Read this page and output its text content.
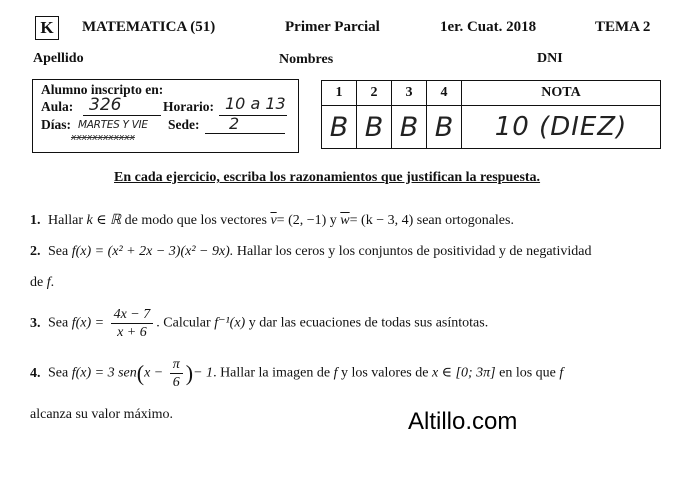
K	MATEMATICA (51)	Primer Parcial	1er. Cuat. 2018	TEMA 2
Apellido	Nombres	DNI
Alumno inscripto en:
Aula: 326	Horario: 10 a 13
Días: MARTES Y VIE
xxxxxxxxxxxx
Sede: 2
1	2	3	4	NOTA
B	B	B	B	10 (DIEZ)
En cada ejercicio, escriba los razonamientos que justifican la respuesta.
1. Hallar k ∈ ℝ de modo que los vectores $\overline{v}= (2$, −1) y $\overline{w}= (k - 3$, 4) sean ortogonales.
2. Sea f(x) = (x² + 2x − 3)(x² − 9x). Hallar los ceros y los conjuntos de positividad y de negatividad
de f.
3. Sea $f(x) = \frac{4x - 7}{x + 6}$ . Calcular f⁻¹(x) y dar las ecuaciones de todas sus asíntotas.
4. Sea f(x) = 3 $sen(x - \frac{\pi}{6}$ )− 1. Hallar la imagen de f y los valores de x ∈ [0; 3π] en los que f
alcanza su valor máximo.	Altillo.com
